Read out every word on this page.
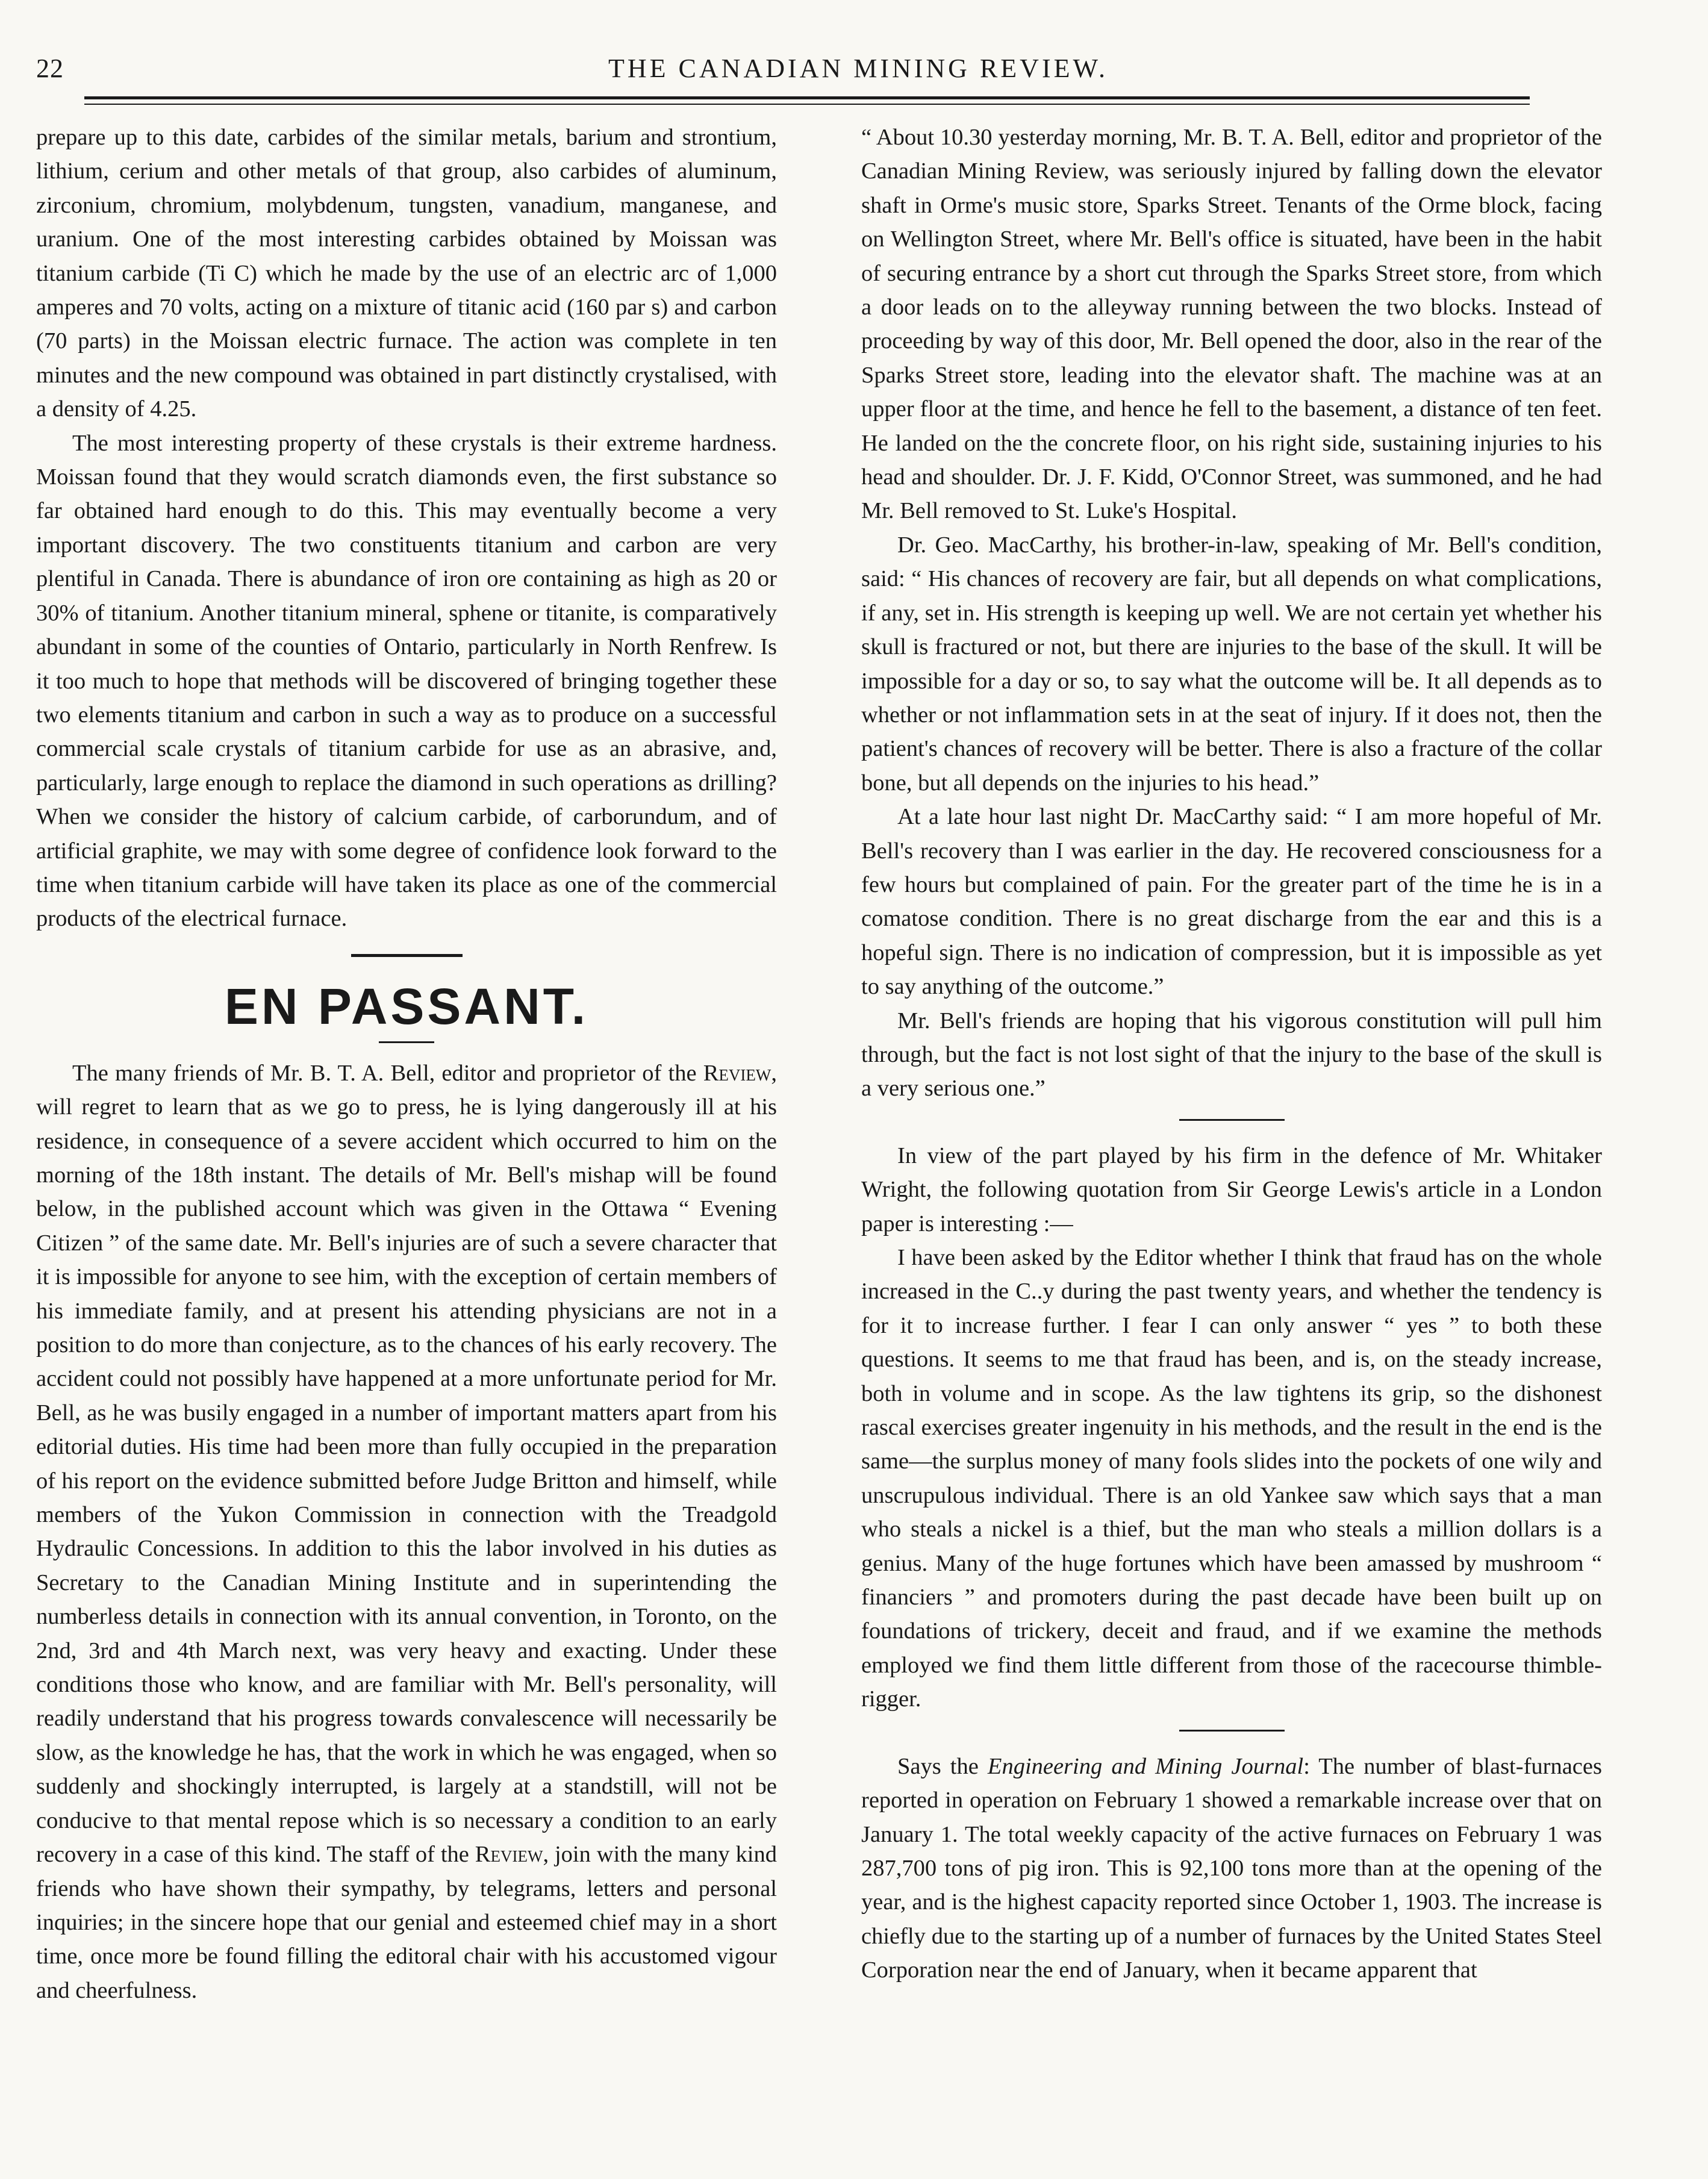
22	THE CANADIAN MINING REVIEW.

prepare up to this date, carbides of the similar metals, barium and strontium, lithium, cerium and other metals of that group, also carbides of aluminum, zirconium, chromium, molybdenum, tungsten, vanadium, manganese, and uranium. One of the most interesting carbides obtained by Moissan was titanium carbide (Ti C) which he made by the use of an electric arc of 1,000 amperes and 70 volts, acting on a mixture of titanic acid (160 par s) and carbon (70 parts) in the Moissan electric furnace. The action was complete in ten minutes and the new compound was obtained in part distinctly crystalised, with a density of 4.25.

The most interesting property of these crystals is their extreme hardness. Moissan found that they would scratch diamonds even, the first substance so far obtained hard enough to do this. This may eventually become a very important discovery. The two constituents titanium and carbon are very plentiful in Canada. There is abundance of iron ore containing as high as 20 or 30% of titanium. Another titanium mineral, sphene or titanite, is comparatively abundant in some of the counties of Ontario, particularly in North Renfrew. Is it too much to hope that methods will be discovered of bringing together these two elements titanium and carbon in such a way as to produce on a successful commercial scale crystals of titanium carbide for use as an abrasive, and, particularly, large enough to replace the diamond in such operations as drilling? When we consider the history of calcium carbide, of carborundum, and of artificial graphite, we may with some degree of confidence look forward to the time when titanium carbide will have taken its place as one of the commercial products of the electrical furnace.

EN PASSANT.

The many friends of Mr. B. T. A. Bell, editor and proprietor of the Review, will regret to learn that as we go to press, he is lying dangerously ill at his residence, in consequence of a severe accident which occurred to him on the morning of the 18th instant. The details of Mr. Bell's mishap will be found below, in the published account which was given in the Ottawa “ Evening Citizen ” of the same date. Mr. Bell's injuries are of such a severe character that it is impossible for anyone to see him, with the exception of certain members of his immediate family, and at present his attending physicians are not in a position to do more than conjecture, as to the chances of his early recovery. The accident could not possibly have happened at a more unfortunate period for Mr. Bell, as he was busily engaged in a number of important matters apart from his editorial duties. His time had been more than fully occupied in the preparation of his report on the evidence submitted before Judge Britton and himself, while members of the Yukon Commission in connection with the Treadgold Hydraulic Concessions. In addition to this the labor involved in his duties as Secretary to the Canadian Mining Institute and in superintending the numberless details in connection with its annual convention, in Toronto, on the 2nd, 3rd and 4th March next, was very heavy and exacting. Under these conditions those who know, and are familiar with Mr. Bell's personality, will readily understand that his progress towards convalescence will necessarily be slow, as the knowledge he has, that the work in which he was engaged, when so suddenly and shockingly interrupted, is largely at a standstill, will not be conducive to that mental repose which is so necessary a condition to an early recovery in a case of this kind. The staff of the Review, join with the many kind friends who have shown their sympathy, by telegrams, letters and personal inquiries; in the sincere hope that our genial and esteemed chief may in a short time, once more be found filling the editoral chair with his accustomed vigour and cheerfulness.

“ About 10.30 yesterday morning, Mr. B. T. A. Bell, editor and proprietor of the Canadian Mining Review, was seriously injured by falling down the elevator shaft in Orme's music store, Sparks Street. Tenants of the Orme block, facing on Wellington Street, where Mr. Bell's office is situated, have been in the habit of securing entrance by a short cut through the Sparks Street store, from which a door leads on to the alleyway running between the two blocks. Instead of proceeding by way of this door, Mr. Bell opened the door, also in the rear of the Sparks Street store, leading into the elevator shaft. The machine was at an upper floor at the time, and hence he fell to the basement, a distance of ten feet. He landed on the the concrete floor, on his right side, sustaining injuries to his head and shoulder. Dr. J. F. Kidd, O'Connor Street, was summoned, and he had Mr. Bell removed to St. Luke's Hospital.

Dr. Geo. MacCarthy, his brother-in-law, speaking of Mr. Bell's condition, said: “ His chances of recovery are fair, but all depends on what complications, if any, set in. His strength is keeping up well. We are not certain yet whether his skull is fractured or not, but there are injuries to the base of the skull. It will be impossible for a day or so, to say what the outcome will be. It all depends as to whether or not inflammation sets in at the seat of injury. If it does not, then the patient's chances of recovery will be better. There is also a fracture of the collar bone, but all depends on the injuries to his head.”

At a late hour last night Dr. MacCarthy said: “ I am more hopeful of Mr. Bell's recovery than I was earlier in the day. He recovered consciousness for a few hours but complained of pain. For the greater part of the time he is in a comatose condition. There is no great discharge from the ear and this is a hopeful sign. There is no indication of compression, but it is impossible as yet to say anything of the outcome.”

Mr. Bell's friends are hoping that his vigorous constitution will pull him through, but the fact is not lost sight of that the injury to the base of the skull is a very serious one.”

In view of the part played by his firm in the defence of Mr. Whitaker Wright, the following quotation from Sir George Lewis's article in a London paper is interesting :—

I have been asked by the Editor whether I think that fraud has on the whole increased in the C..y during the past twenty years, and whether the tendency is for it to increase further. I fear I can only answer “ yes ” to both these questions. It seems to me that fraud has been, and is, on the steady increase, both in volume and in scope. As the law tightens its grip, so the dishonest rascal exercises greater ingenuity in his methods, and the result in the end is the same—the surplus money of many fools slides into the pockets of one wily and unscrupulous individual. There is an old Yankee saw which says that a man who steals a nickel is a thief, but the man who steals a million dollars is a genius. Many of the huge fortunes which have been amassed by mushroom “ financiers ” and promoters during the past decade have been built up on foundations of trickery, deceit and fraud, and if we examine the methods employed we find them little different from those of the racecourse thimble-rigger.

Says the Engineering and Mining Journal: The number of blast-furnaces reported in operation on February 1 showed a remarkable increase over that on January 1. The total weekly capacity of the active furnaces on February 1 was 287,700 tons of pig iron. This is 92,100 tons more than at the opening of the year, and is the highest capacity reported since October 1, 1903. The increase is chiefly due to the starting up of a number of furnaces by the United States Steel Corporation near the end of January, when it became apparent that
